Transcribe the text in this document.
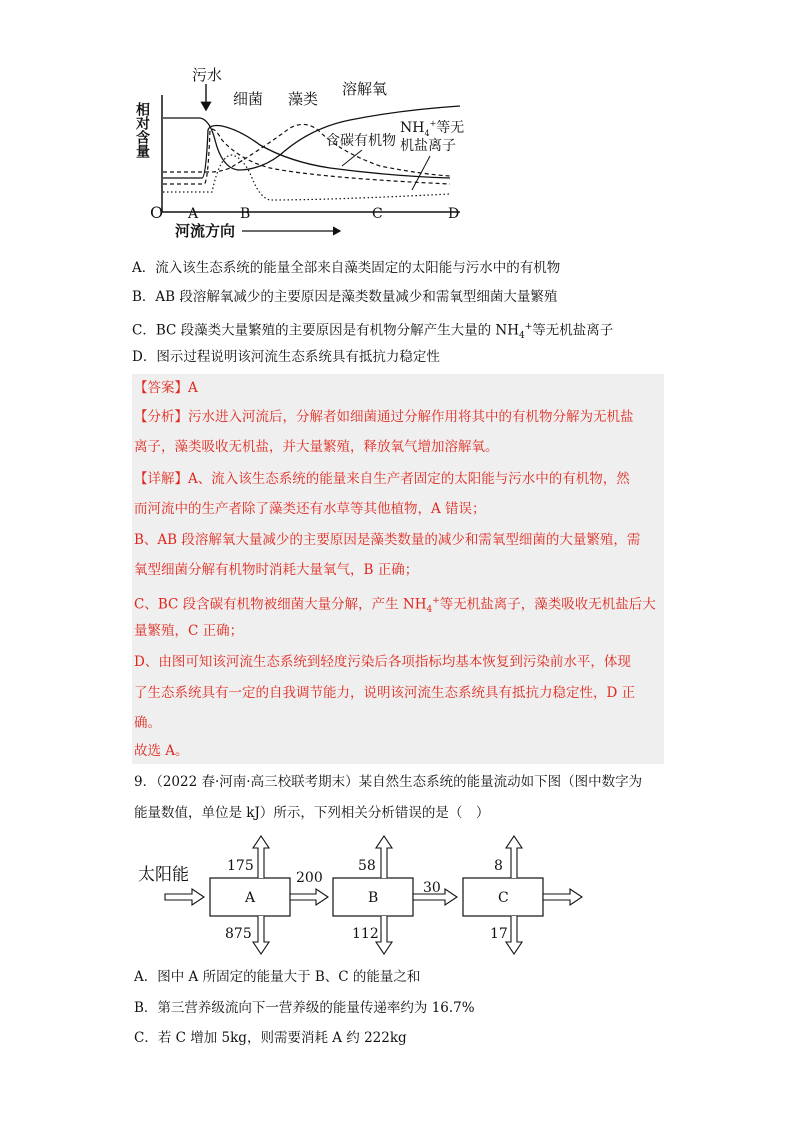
相对含量
O A	B	C	D
河流方向
污水
细菌 藻类
溶解氧
含碳有机物
$NH_4^+$等无
机盐离子
A．流入该生态系统的能量全部来自藻类固定的太阳能与污水中的有机物
B．AB 段溶解氧减少的主要原因是藻类数量减少和需氧型细菌大量繁殖
C．BC 段藻类大量繁殖的主要原因是有机物分解产生大量的 $NH_4^+$等无机盐离子
D．图示过程说明该河流生态系统具有抵抗力稳定性
【答案】A
【分析】污水进入河流后，分解者如细菌通过分解作用将其中的有机物分解为无机盐
离子，藻类吸收无机盐，并大量繁殖，释放氧气增加溶解氧。
【详解】A、流入该生态系统的能量来自生产者固定的太阳能与污水中的有机物，然
而河流中的生产者除了藻类还有水草等其他植物，A 错误；
B、AB 段溶解氧大量减少的主要原因是藻类数量的减少和需氧型细菌的大量繁殖，需
氧型细菌分解有机物时消耗大量氧气，B 正确；
C、BC 段含碳有机物被细菌大量分解，产生 $NH_4^+$等无机盐离子，藻类吸收无机盐后大
量繁殖，C 正确；
D、由图可知该河流生态系统到轻度污染后各项指标均基本恢复到污染前水平，体现
了生态系统具有一定的自我调节能力，说明该河流生态系统具有抵抗力稳定性，D 正
确。
故选 A。
9．（2022 春·河南·高三校联考期末）某自然生态系统的能量流动如下图（图中数字为
能量数值，单位是 kJ）所示，下列相关分析错误的是（　）
太阳能
A	B	C
175	58	8
875	112	17
200
30
A．图中 A 所固定的能量大于 B、C 的能量之和
B．第三营养级流向下一营养级的能量传递率约为 16.7%
C．若 C 增加 5kg，则需要消耗 A 约 222kg
